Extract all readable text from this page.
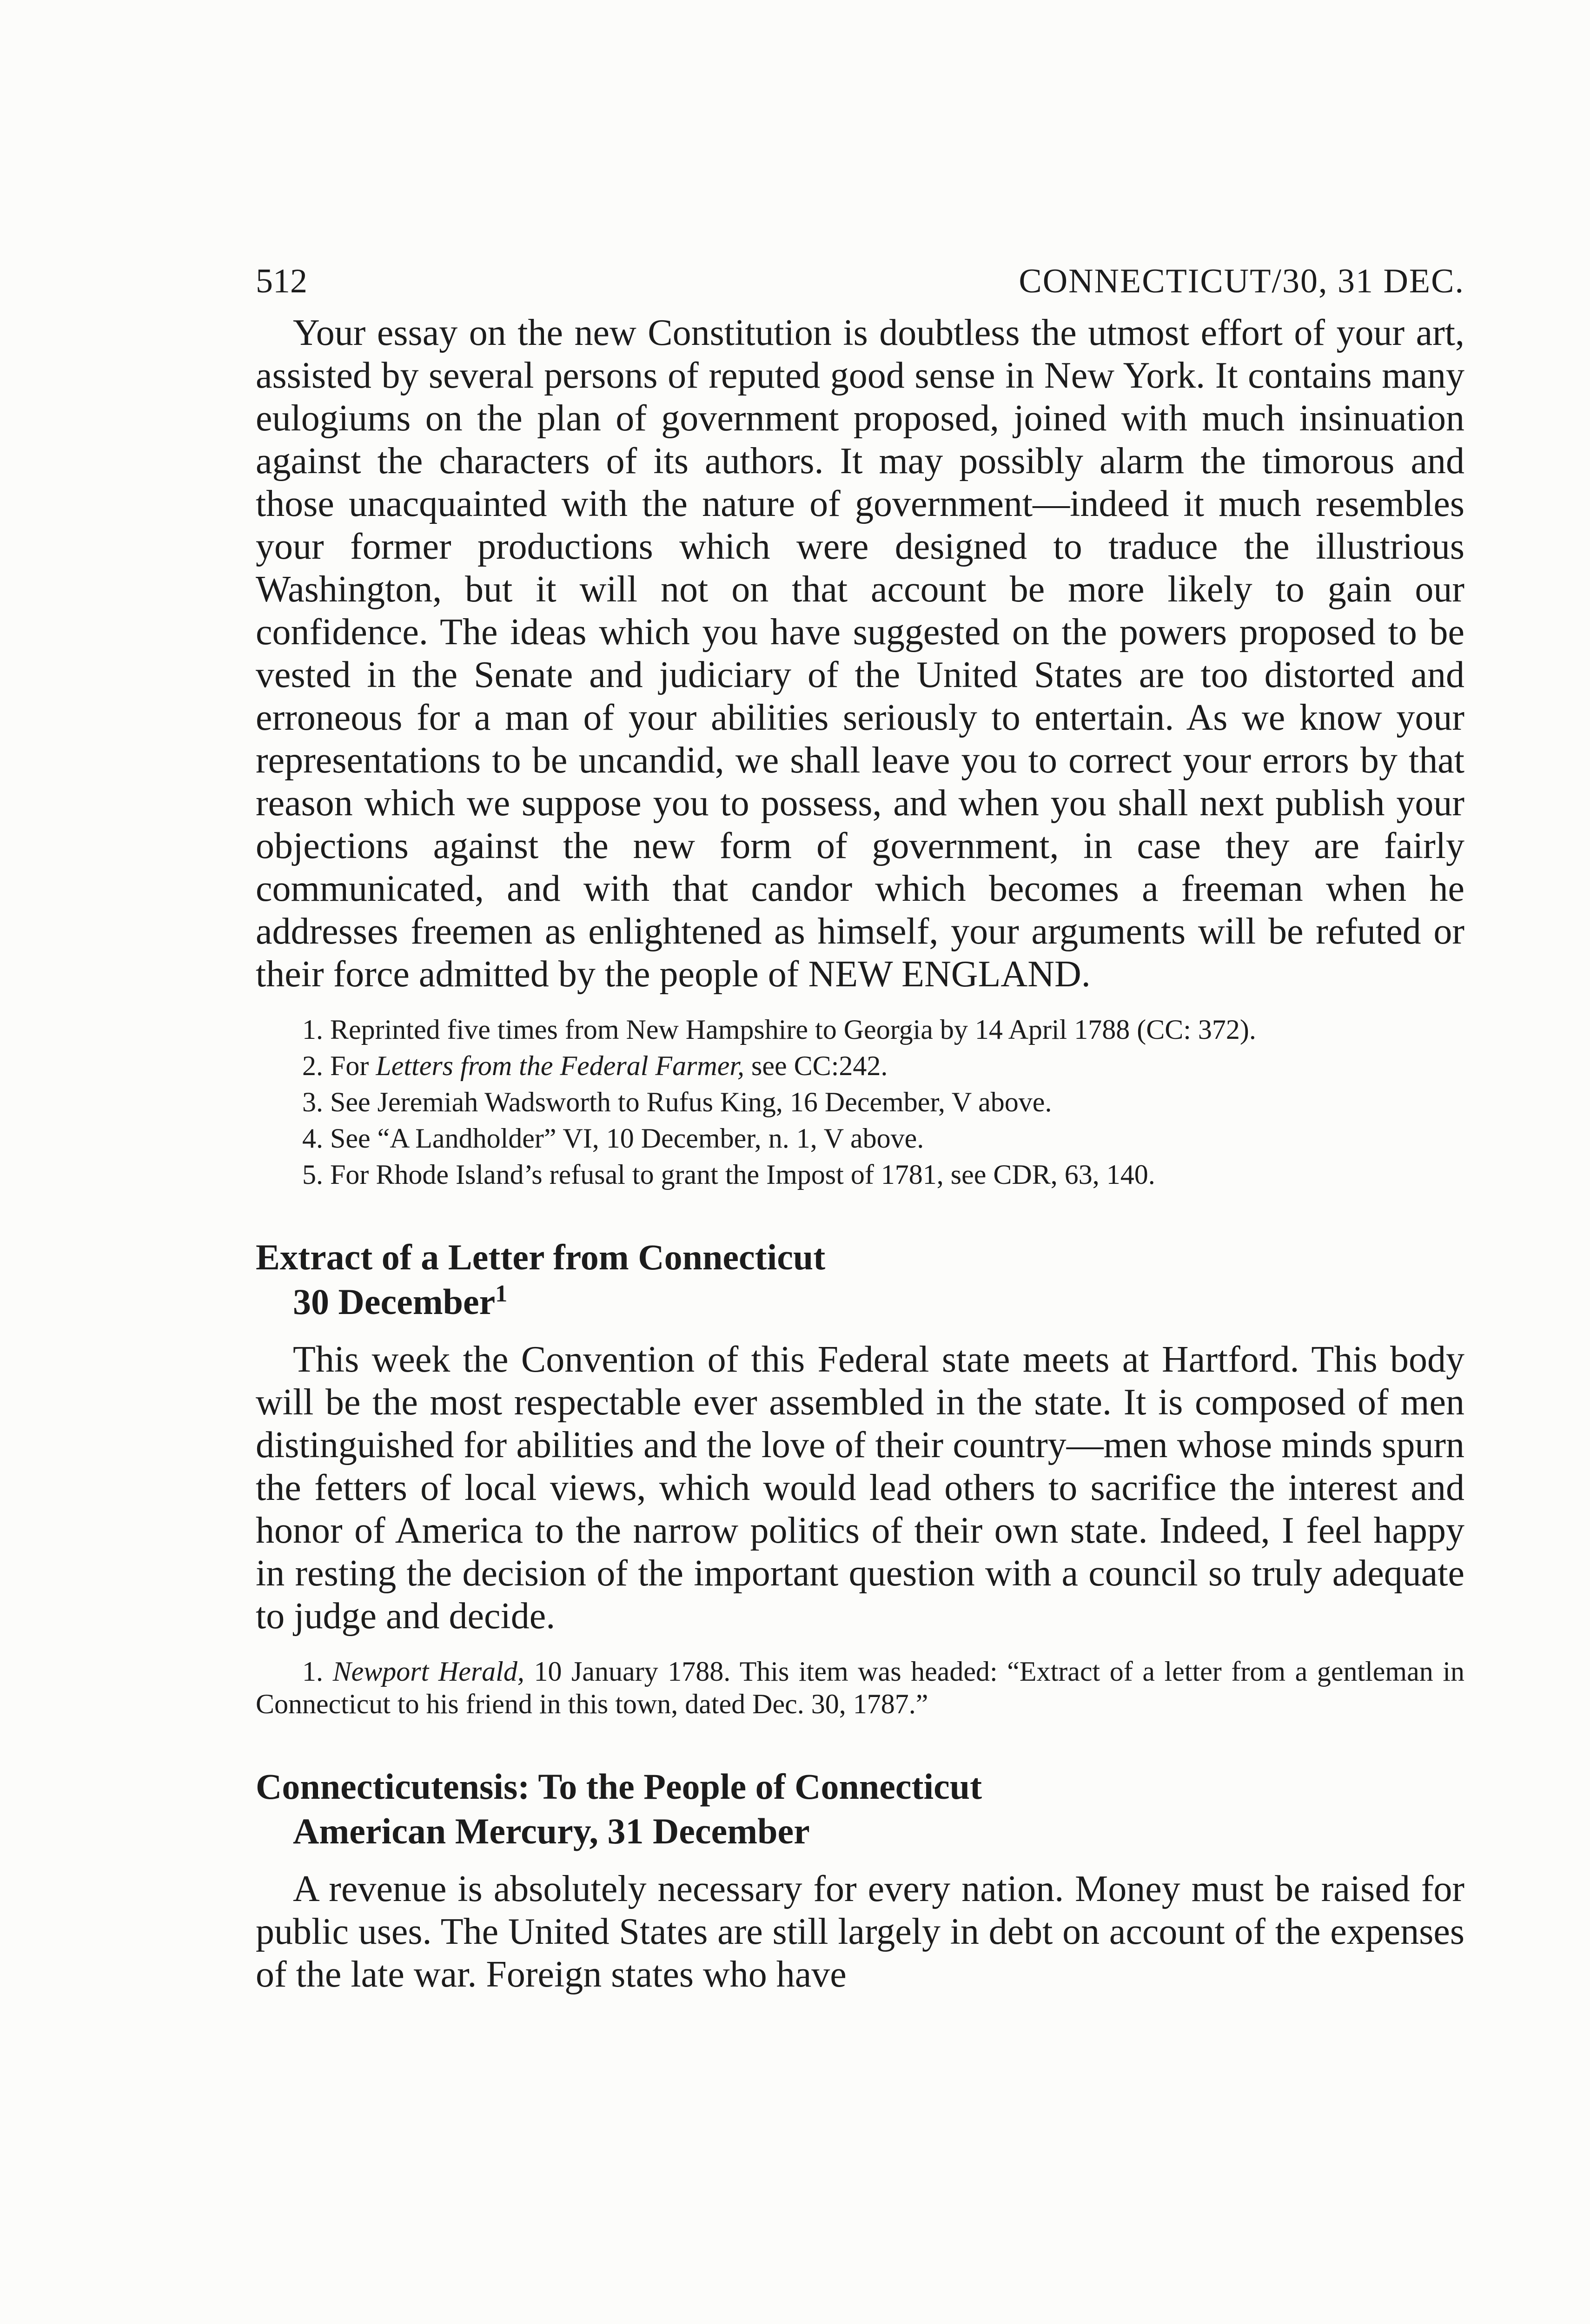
512	CONNECTICUT/30, 31 DEC.

Your essay on the new Constitution is doubtless the utmost effort of your art, assisted by several persons of reputed good sense in New York. It contains many eulogiums on the plan of government proposed, joined with much insinuation against the characters of its authors. It may possibly alarm the timorous and those unacquainted with the nature of government—indeed it much resembles your former productions which were designed to traduce the illustrious Washington, but it will not on that account be more likely to gain our confidence. The ideas which you have suggested on the powers proposed to be vested in the Senate and judiciary of the United States are too distorted and erroneous for a man of your abilities seriously to entertain. As we know your representations to be uncandid, we shall leave you to correct your errors by that reason which we suppose you to possess, and when you shall next publish your objections against the new form of government, in case they are fairly communicated, and with that candor which becomes a freeman when he addresses freemen as enlightened as himself, your arguments will be refuted or their force admitted by the people of NEW ENGLAND.

1. Reprinted five times from New Hampshire to Georgia by 14 April 1788 (CC: 372).

2. For Letters from the Federal Farmer, see CC:242.

3. See Jeremiah Wadsworth to Rufus King, 16 December, V above.

4. See “A Landholder” VI, 10 December, n. 1, V above.

5. For Rhode Island’s refusal to grant the Impost of 1781, see CDR, 63, 140.

Extract of a Letter from Connecticut
30 December$^1$

This week the Convention of this Federal state meets at Hartford. This body will be the most respectable ever assembled in the state. It is composed of men distinguished for abilities and the love of their country—men whose minds spurn the fetters of local views, which would lead others to sacrifice the interest and honor of America to the narrow politics of their own state. Indeed, I feel happy in resting the decision of the important question with a council so truly adequate to judge and decide.

1. Newport Herald, 10 January 1788. This item was headed: “Extract of a letter from a gentleman in Connecticut to his friend in this town, dated Dec. 30, 1787.”

Connecticutensis: To the People of Connecticut
American Mercury, 31 December

A revenue is absolutely necessary for every nation. Money must be raised for public uses. The United States are still largely in debt on account of the expenses of the late war. Foreign states who have
